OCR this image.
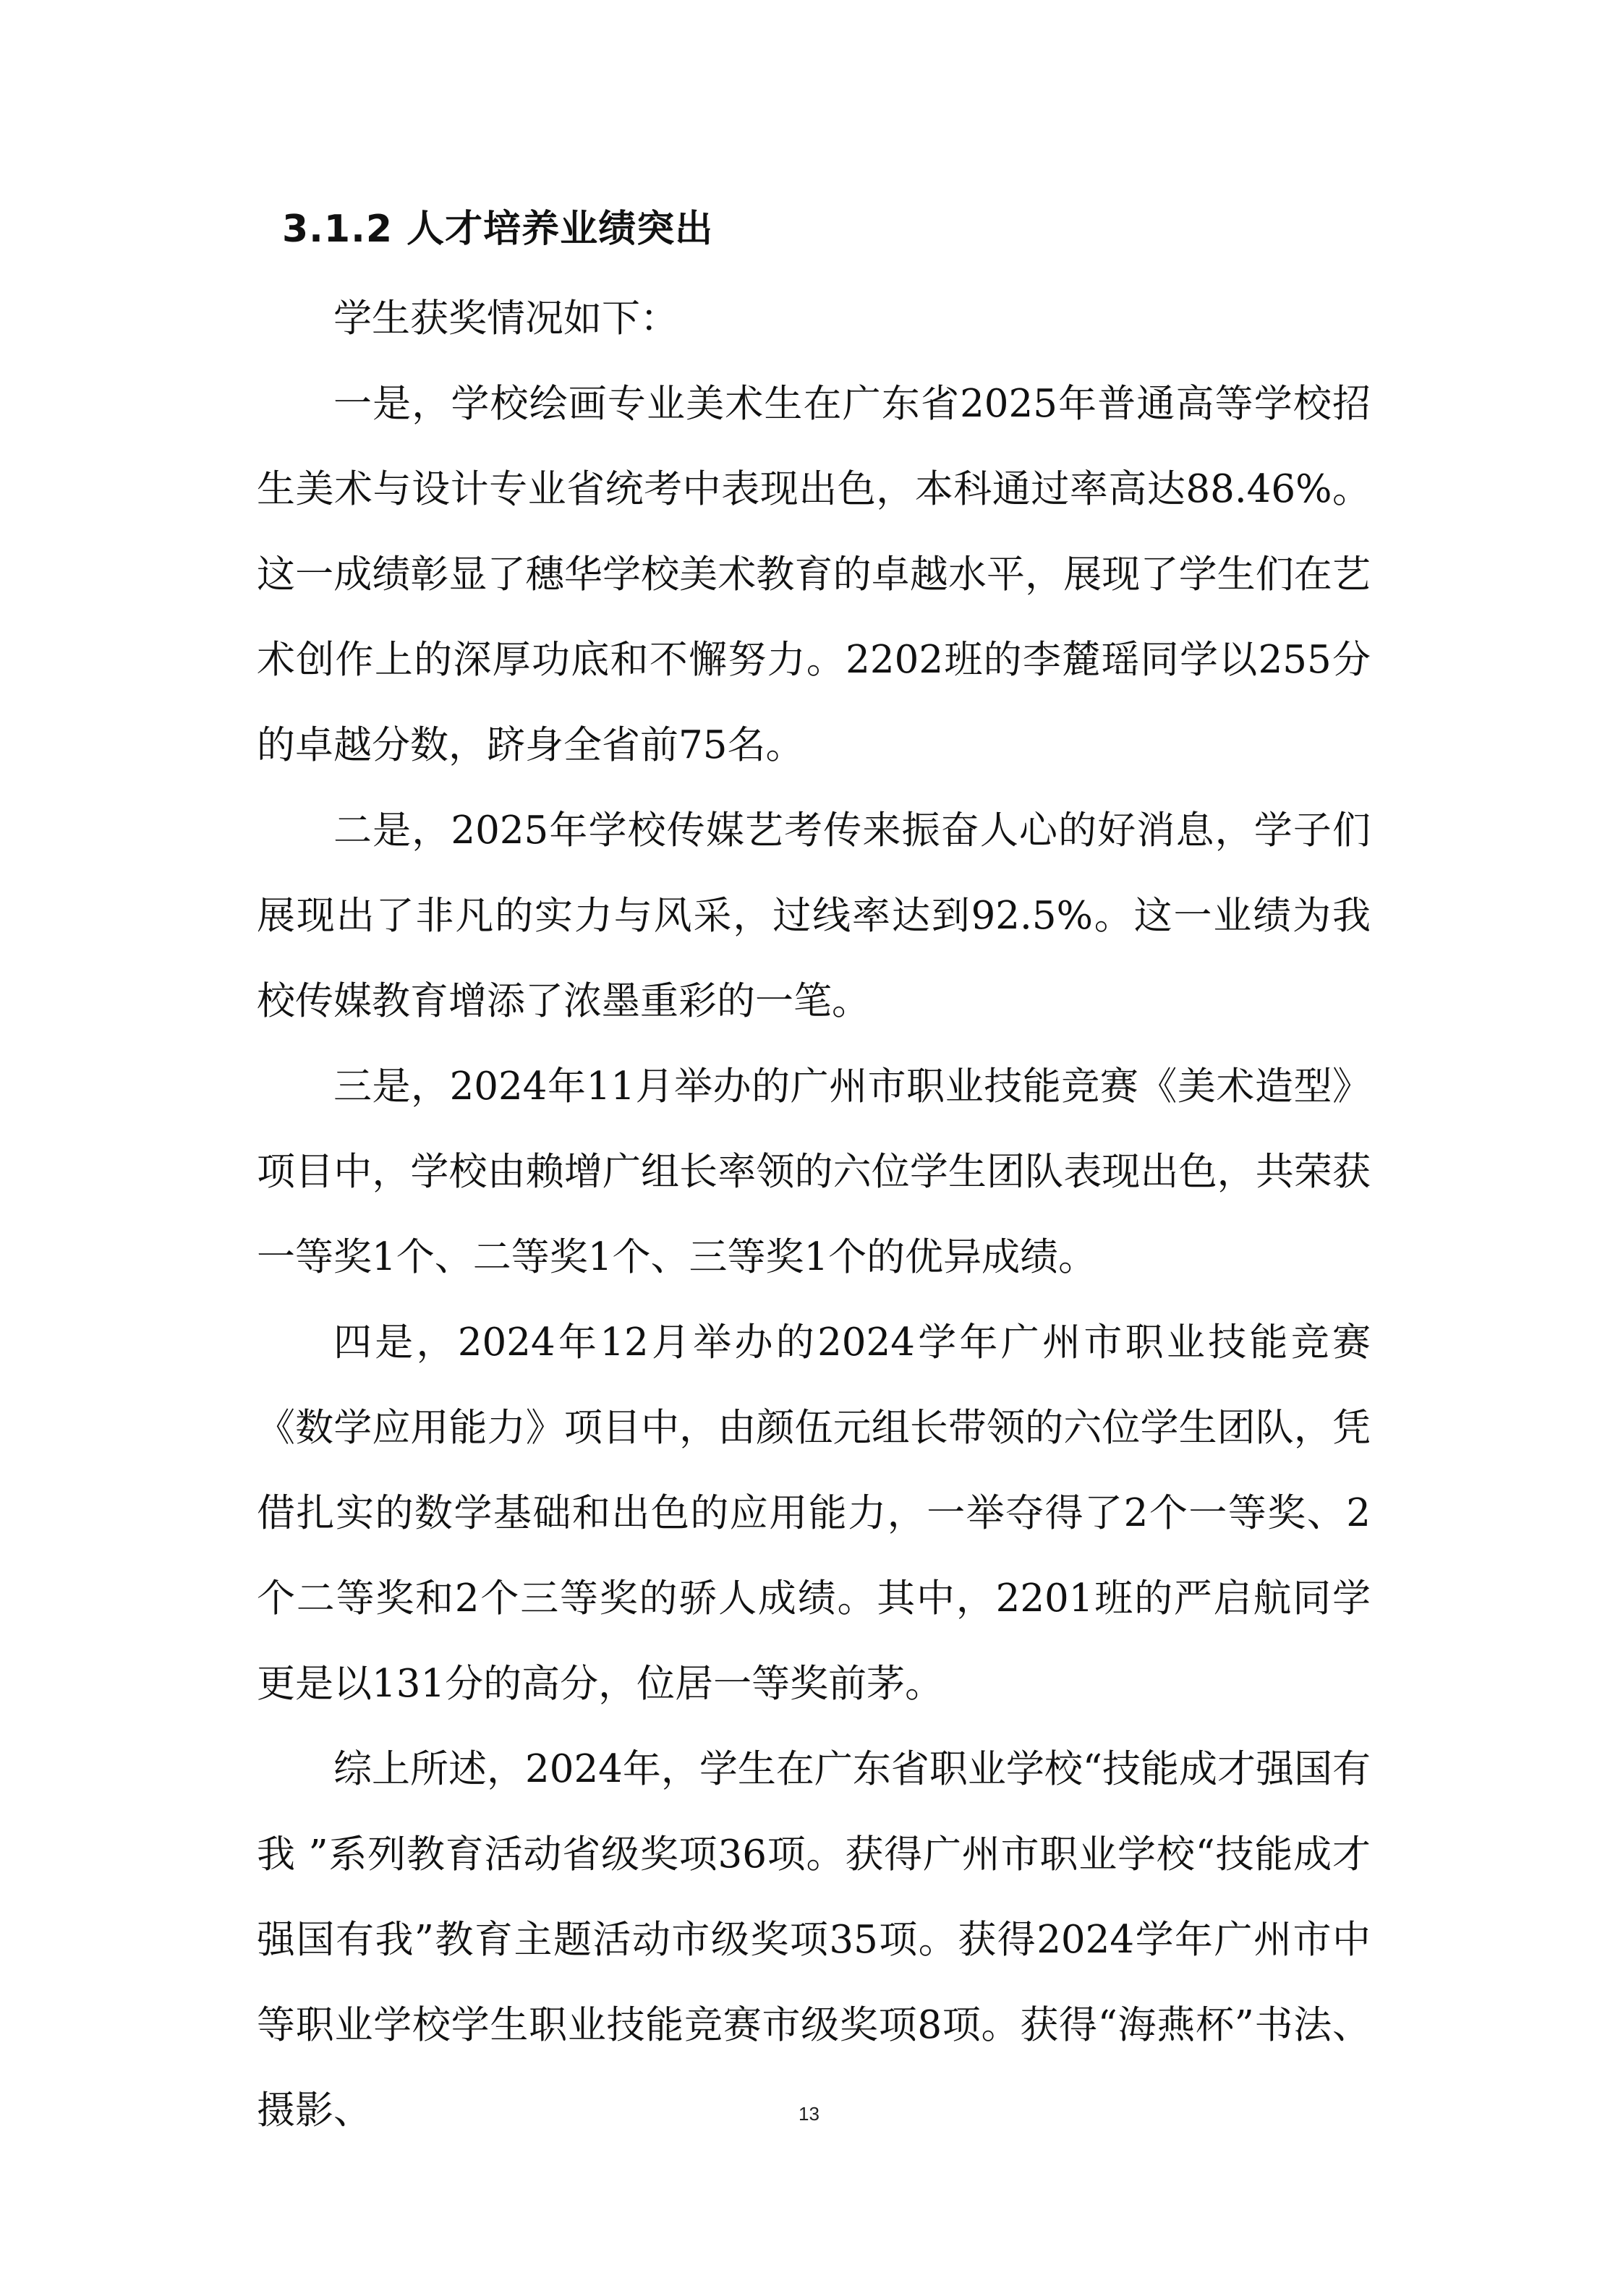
3.1.2 人才培养业绩突出

学生获奖情况如下：

一是，学校绘画专业美术生在广东省2025年普通高等学校招生美术与设计专业省统考中表现出色，本科通过率高达88.46%。这一成绩彰显了穗华学校美术教育的卓越水平，展现了学生们在艺术创作上的深厚功底和不懈努力。2202班的李麓瑶同学以255分的卓越分数，跻身全省前75名。

二是，2025年学校传媒艺考传来振奋人心的好消息，学子们展现出了非凡的实力与风采，过线率达到92.5%。这一业绩为我校传媒教育增添了浓墨重彩的一笔。

三是，2024年11月举办的广州市职业技能竞赛《美术造型》项目中，学校由赖增广组长率领的六位学生团队表现出色，共荣获一等奖1个、二等奖1个、三等奖1个的优异成绩。

四是，2024年12月举办的2024学年广州市职业技能竞赛《数学应用能力》项目中，由颜伍元组长带领的六位学生团队，凭借扎实的数学基础和出色的应用能力，一举夺得了2个一等奖、2个二等奖和2个三等奖的骄人成绩。其中，2201班的严启航同学更是以131分的高分，位居一等奖前茅。

综上所述，2024年，学生在广东省职业学校“技能成才强国有我 ”系列教育活动省级奖项36项。获得广州市职业学校“技能成才　强国有我”教育主题活动市级奖项35项。获得2024学年广州市中等职业学校学生职业技能竞赛市级奖项8项。获得“海燕杯”书法、摄影、	13
